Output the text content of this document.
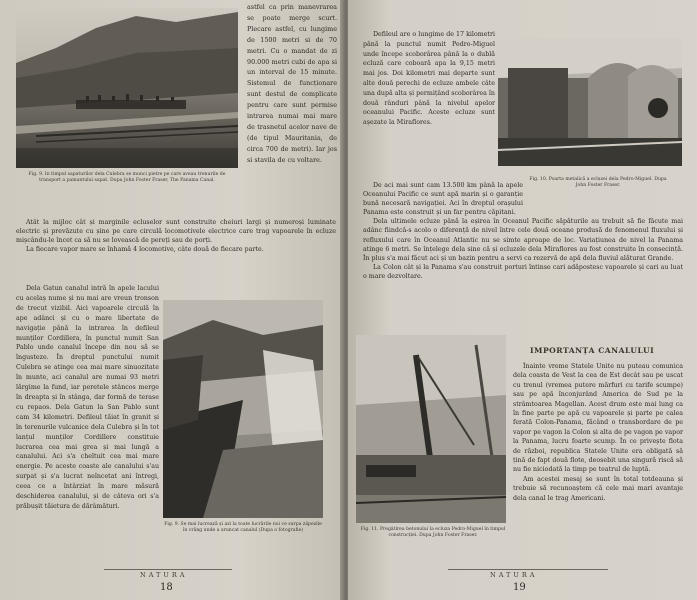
Fig. 9. In timpul sapaturilor dela Culebra se munci pietre pe care aveau trenurile de transport a pamantului sapat. Dupa John Foster Fraser, The Panama Canal.

astfel ca prin manevrarea se poate merge scurt. Plecare astfel, cu lungime de 1500 metri si de 70 metri. Cu o mandat de zi 90.000 metri cubi de apa si un interval de 15 minute. Sistemul de funcționare sunt destul de complicate pentru care sunt permise intrarea numai mai mare de trasnetul acelor nave de (de tipul Mauritania, de circa 700 de metri). Iar jos si stavila de cu voltare.

Atât la mijloc cât și marginile ecluselor sunt construite cheiuri largi și numeroși luminate electric și prevăzute cu șine pe care circulă locomotivele electrice care trag vapoarele în ecluze mișcându-le încet ca să nu se lovească de pereți sau de porți.

La fiecare vapor mare se înhamă 4 locomotive, câte două de fiecare parte.

Dela Gatun canalul intră în apele lacului cu acelaș nume și nu mai are vreun tronson de trecut vizibil. Aici vapoarele circulă în ape adânci și cu o mare libertate de navigație până la intrarea în defileul munților Cordillera, în punctul numit San Pablo unde canalul începe din nou să se îngusteze. În dreptul punctului numit Culebra se atinge cea mai mare sinuozitate în munte, aci canalul are numai 93 metri lărgime la fund, iar peretele stâncos merge în dreapta și în stânga, dar formă de terase cu repaos. Dela Gatun la San Pablo sunt cam 34 kilometri. Defileul tăiat în granit și în terenurile vulcanice dela Culebra și în tot lanțul munților Cordillere constituie lucrarea cea mai grea și mai lungă a canalului. Aci s'a cheltuit cea mai mare energie. Pe aceste coaste ale canalului s'au surpat și s'a lucrat neîncetat ani întregi, ceea ce a întârziat în mare măsură deschiderea canalului, și de câteva ori s'a prăbușit tăietura de dărâmături.

Fig. 9. Se mai lucrează și azi la toate lucrările noi ce surpa zăpezile în crâng unde a aruncat canalul (Dupa o fotografie)

NATURA
18

Defileul are o lungime de 17 kilometri până la punctul numit Pedro-Miguel unde începe scoborârea până la o dublă ecluză care coboară apa la 9,15 metri mai jos. Doi kilometri mai departe sunt alte două perechi de ecluze ambele câte una după alta și permițând scoborârea în două rânduri până la nivelul apelor oceanului Pacific. Aceste ecluze sunt așezate la Miraflores.

Fig. 10. Poarta metalică a ecluzei dela Pedro-Miguel. Dupa John Foster Fraser.

De aci mai sunt cam 13.500 km până la apele Oceanului Pacific ce sunt apă marin și o garanție bună necesară navigației. Aci în dreptul orașului Panama este construit și un far pentru căpitani.

Dela ultimele ecluze până la eșirea în Oceanul Pacific săpăturile au trebuit să fie făcute mai adânc fiindcă-s acolo o diferență de nivel între cele două oceane produsă de fenomenul fluxului și refluxului care în Oceanul Atlantic nu se simte aproape de loc. Variațiunea de nivel la Panama atinge 6 metri. Se înțelege dela sine că și ecluzele dela Miraflores au fost construite în consecință. În plus s'a mai făcut aci și un bazin pentru a servi ca rezervă de apă dela fluviul alăturat Grande.

La Colon cât și la Panama s'au construit porturi întinse cari adăpostesc vapoarele și cari au luat o mare dezvoltare.

Fig. 11. Pregătirea betonului la ecluza Pedro-Miguel în timpul construcției. Dupa John Foster Fraser.

IMPORTANȚA CANALULUI

Înainte vreme Statele Unite nu puteau comunica dela coasta de Vest la cea de Est decât sau pe uscat cu trenul (vremea putere mărfuri cu tarife scumpe) sau pe apă înconjurând America de Sud pe la strâmtoarea Magellan. Acest drum este mai lung ca în fine parte pe apă cu vapoarele și parte pe calea ferată Colon-Panama, făcând o transbordare de pe vapor pe vagon la Colon și alta de pe vagon pe vapor la Panama, lucru foarte scump. În ce privește flota de război, republica Statele Unite era obligată să țină de fapt două flote, deosebit una singură riscă să nu fie niciodată la timp pe teatrul de luptă.

Am acestei mesaj se sunt în total totdeauna și trebuie să recunoaștem că cele mai mari avantaje dela canal le trag Americani.

NATURA
19
